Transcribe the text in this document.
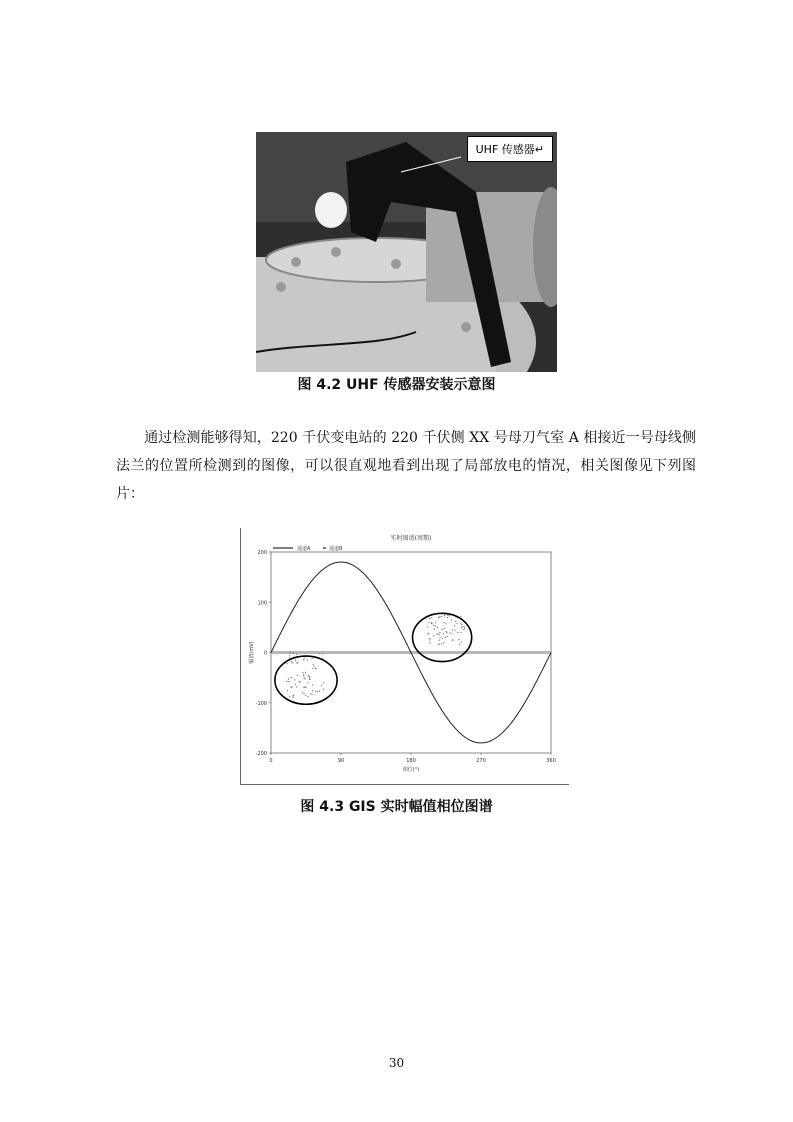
UHF 传感器↵
图 4.2 UHF 传感器安装示意图
通过检测能够得知，220 千伏变电站的 220 千伏侧 XX 号母刀气室 A 相接近一号母线侧法兰的位置所检测到的图像，可以很直观地看到出现了局部放电的情况，相关图像见下列图片：
实时图谱(周期)
通道A	通道B
200
100
0
-100
-200
0	90	180	270	360
相位(°)
幅值(mV)
图 4.3 GIS 实时幅值相位图谱
30
